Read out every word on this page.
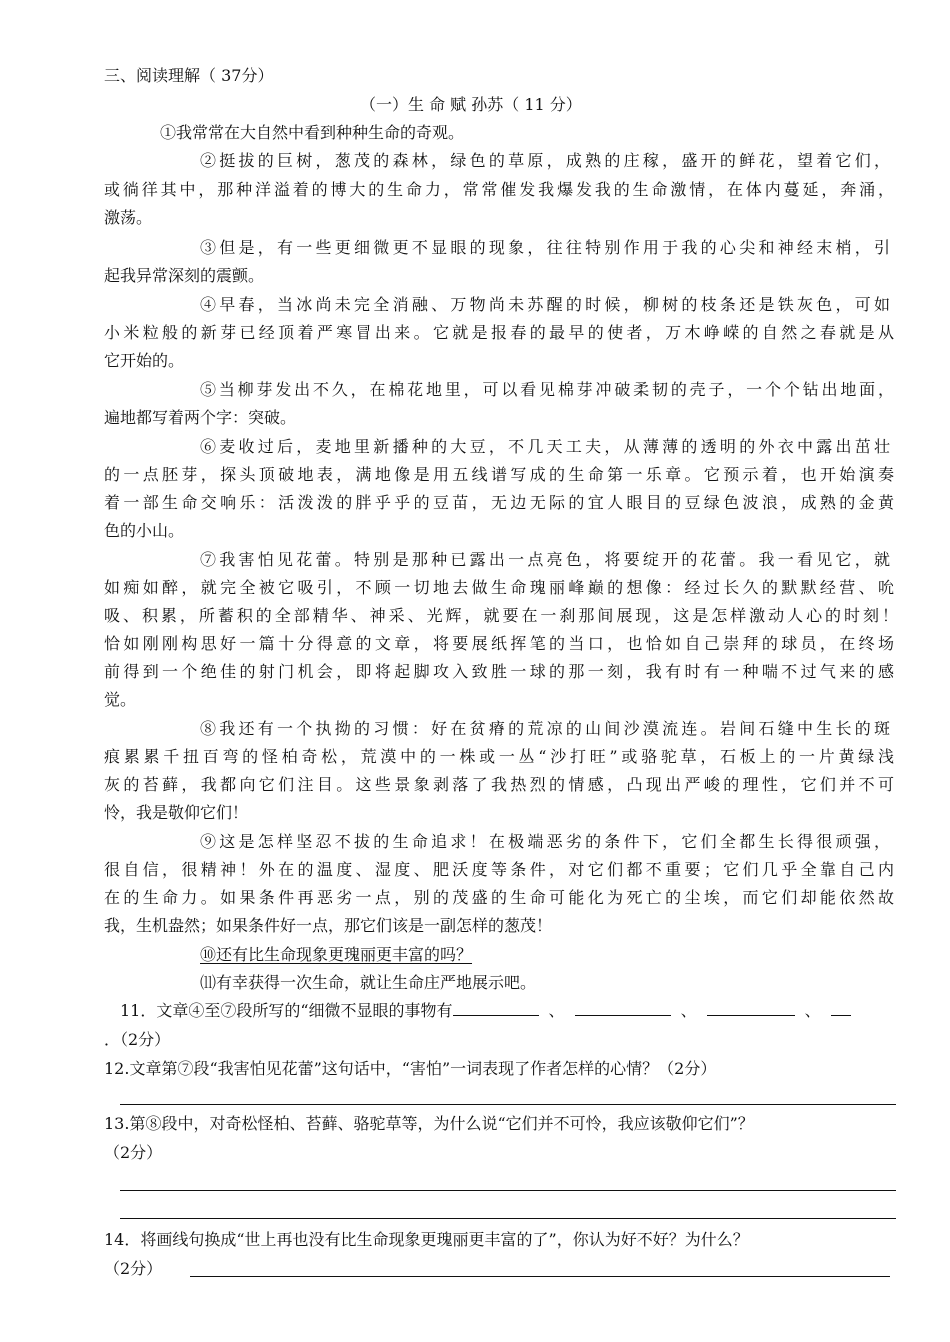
三、阅读理解（ 37分）
（一）生 命 赋 孙苏（ 11 分）
①我常常在大自然中看到种种生命的奇观。
②挺拔的巨树，葱茂的森林，绿色的草原，成熟的庄稼，盛开的鲜花，望着它们，
或徜徉其中，那种洋溢着的博大的生命力，常常催发我爆发我的生命激情，在体内蔓延，奔涌，
激荡。
③但是，有一些更细微更不显眼的现象，往往特别作用于我的心尖和神经末梢，引
起我异常深刻的震颤。
④早春，当冰尚未完全消融、万物尚未苏醒的时候，柳树的枝条还是铁灰色，可如
小米粒般的新芽已经顶着严寒冒出来。它就是报春的最早的使者，万木峥嵘的自然之春就是从
它开始的。
⑤当柳芽发出不久，在棉花地里，可以看见棉芽冲破柔韧的壳子，一个个钻出地面，
遍地都写着两个字：突破。
⑥麦收过后，麦地里新播种的大豆，不几天工夫，从薄薄的透明的外衣中露出茁壮
的一点胚芽，探头顶破地表，满地像是用五线谱写成的生命第一乐章。它预示着，也开始演奏
着一部生命交响乐：活泼泼的胖乎乎的豆苗，无边无际的宜人眼目的豆绿色波浪，成熟的金黄
色的小山。
⑦我害怕见花蕾。特别是那种已露出一点亮色，将要绽开的花蕾。我一看见它，就
如痴如醉，就完全被它吸引，不顾一切地去做生命瑰丽峰巅的想像：经过长久的默默经营、吮
吸、积累，所蓄积的全部精华、神采、光辉，就要在一刹那间展现，这是怎样激动人心的时刻！
恰如刚刚构思好一篇十分得意的文章，将要展纸挥笔的当口，也恰如自己崇拜的球员，在终场
前得到一个绝佳的射门机会，即将起脚攻入致胜一球的那一刻，我有时有一种喘不过气来的感
觉。
⑧我还有一个执拗的习惯：好在贫瘠的荒凉的山间沙漠流连。岩间石缝中生长的斑
痕累累千扭百弯的怪柏奇松，荒漠中的一株或一丛“沙打旺”或骆驼草，石板上的一片黄绿浅
灰的苔藓，我都向它们注目。这些景象剥落了我热烈的情感，凸现出严峻的理性，它们并不可
怜，我是敬仰它们！
⑨这是怎样坚忍不拔的生命追求！在极端恶劣的条件下，它们全都生长得很顽强，
很自信，很精神！外在的温度、湿度、肥沃度等条件，对它们都不重要；它们几乎全靠自己内
在的生命力。如果条件再恶劣一点，别的茂盛的生命可能化为死亡的尘埃，而它们却能依然故
我，生机盎然；如果条件好一点，那它们该是一副怎样的葱茂！
⑩还有比生命现象更瑰丽更丰富的吗？
⑾有幸获得一次生命，就让生命庄严地展示吧。
11．文章④至⑦段所写的“细微不显眼的事物有	、	、	、
．（2分）
12.文章第⑦段“我害怕见花蕾”这句话中，“害怕”一词表现了作者怎样的心情？（2分）
13.第⑧段中，对奇松怪柏、苔藓、骆驼草等，为什么说“它们并不可怜，我应该敬仰它们”？
（2分）
14．将画线句换成“世上再也没有比生命现象更瑰丽更丰富的了”，你认为好不好？为什么？
（2分）
